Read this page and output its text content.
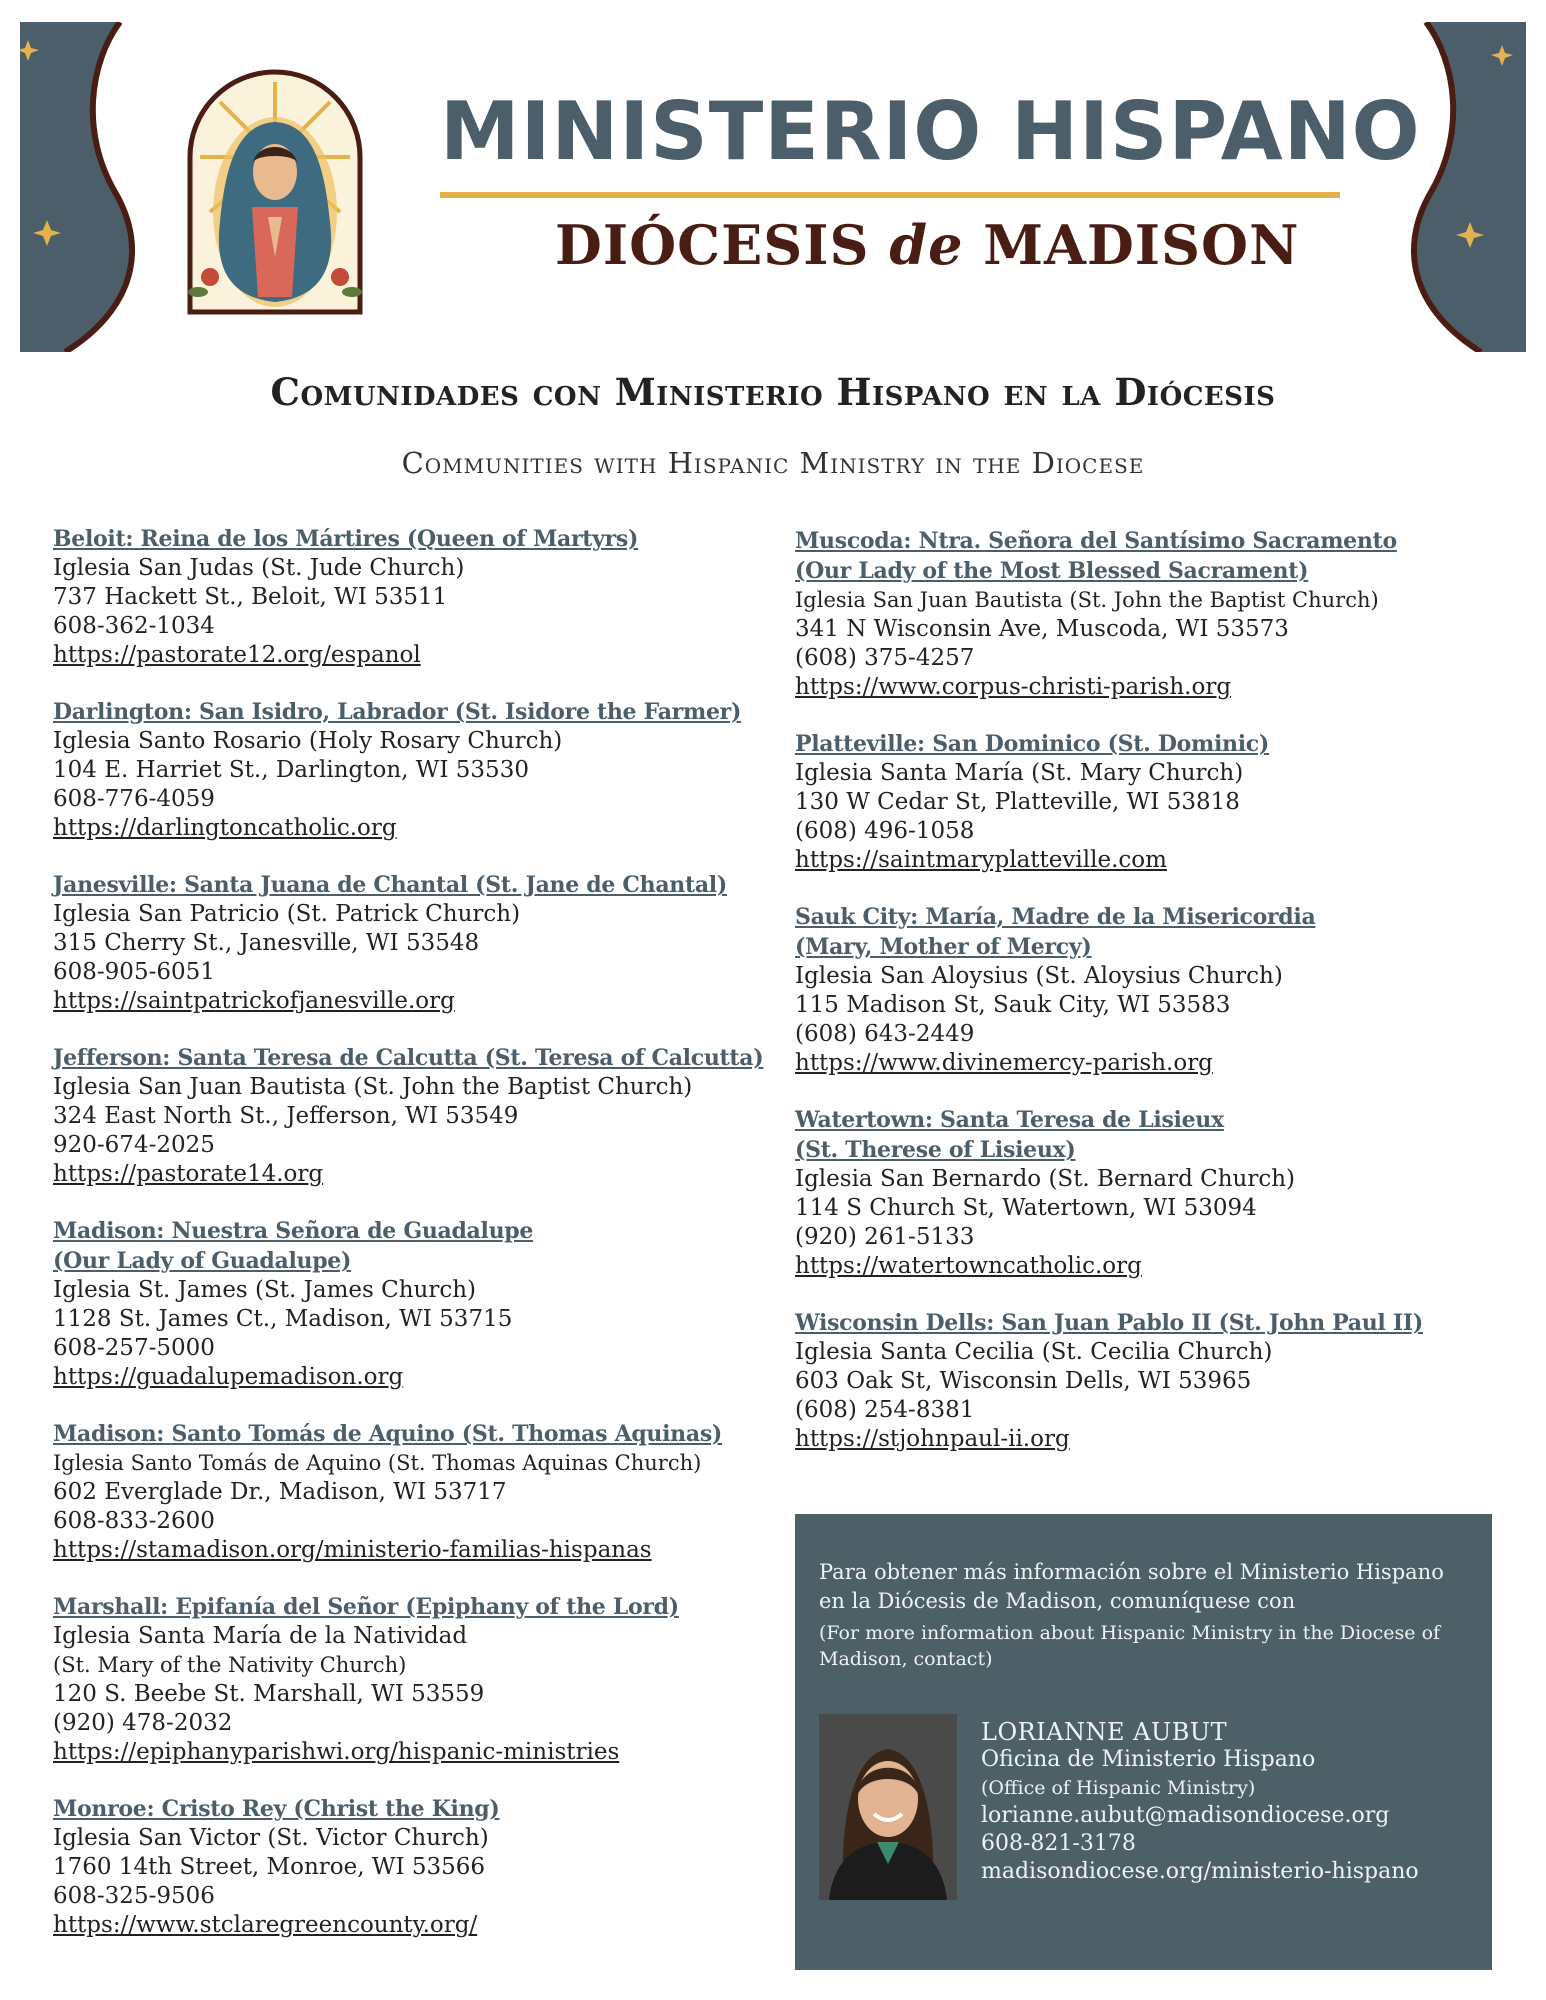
MINISTERIO HISPANO
DIÓCESIS de MADISON
Comunidades con Ministerio Hispano en la Diócesis
Communities with Hispanic Ministry in the Diocese
Beloit: Reina de los Mártires (Queen of Martyrs)
Iglesia San Judas (St. Jude Church)
737 Hackett St., Beloit, WI 53511
608-362-1034
https://pastorate12.org/espanol
Darlington: San Isidro, Labrador (St. Isidore the Farmer)
Iglesia Santo Rosario (Holy Rosary Church)
104 E. Harriet St., Darlington, WI 53530
608-776-4059
https://darlingtoncatholic.org
Janesville: Santa Juana de Chantal (St. Jane de Chantal)
Iglesia San Patricio (St. Patrick Church)
315 Cherry St., Janesville, WI 53548
608-905-6051
https://saintpatrickofjanesville.org
Jefferson: Santa Teresa de Calcutta (St. Teresa of Calcutta)
Iglesia San Juan Bautista (St. John the Baptist Church)
324 East North St., Jefferson, WI 53549
920-674-2025
https://pastorate14.org
Madison: Nuestra Señora de Guadalupe
(Our Lady of Guadalupe)
Iglesia St. James (St. James Church)
1128 St. James Ct., Madison, WI 53715
608-257-5000
https://guadalupemadison.org
Madison: Santo Tomás de Aquino (St. Thomas Aquinas)
Iglesia Santo Tomás de Aquino (St. Thomas Aquinas Church)
602 Everglade Dr., Madison, WI 53717
608-833-2600
https://stamadison.org/ministerio-familias-hispanas
Marshall: Epifanía del Señor (Epiphany of the Lord)
Iglesia Santa María de la Natividad
(St. Mary of the Nativity Church)
120 S. Beebe St. Marshall, WI 53559
(920) 478-2032
https://epiphanyparishwi.org/hispanic-ministries
Monroe: Cristo Rey (Christ the King)
Iglesia San Victor (St. Victor Church)
1760 14th Street, Monroe, WI 53566
608-325-9506
https://www.stclaregreencounty.org/
Muscoda: Ntra. Señora del Santísimo Sacramento
(Our Lady of the Most Blessed Sacrament)
Iglesia San Juan Bautista (St. John the Baptist Church)
341 N Wisconsin Ave, Muscoda, WI 53573
(608) 375-4257
https://www.corpus-christi-parish.org
Platteville: San Dominico (St. Dominic)
Iglesia Santa María (St. Mary Church)
130 W Cedar St, Platteville, WI 53818
(608) 496-1058
https://saintmaryplatteville.com
Sauk City: María, Madre de la Misericordia
(Mary, Mother of Mercy)
Iglesia San Aloysius (St. Aloysius Church)
115 Madison St, Sauk City, WI 53583
(608) 643-2449
https://www.divinemercy-parish.org
Watertown: Santa Teresa de Lisieux
(St. Therese of Lisieux)
Iglesia San Bernardo (St. Bernard Church)
114 S Church St, Watertown, WI 53094
(920) 261-5133
https://watertowncatholic.org
Wisconsin Dells: San Juan Pablo II (St. John Paul II)
Iglesia Santa Cecilia (St. Cecilia Church)
603 Oak St, Wisconsin Dells, WI 53965
(608) 254-8381
https://stjohnpaul-ii.org
Para obtener más información sobre el Ministerio Hispano en la Diócesis de Madison, comuníquese con
(For more information about Hispanic Ministry in the Diocese of Madison, contact)
LORIANNE AUBUT
Oficina de Ministerio Hispano
(Office of Hispanic Ministry)
lorianne.aubut@madisondiocese.org
608-821-3178
madisondiocese.org/ministerio-hispano
